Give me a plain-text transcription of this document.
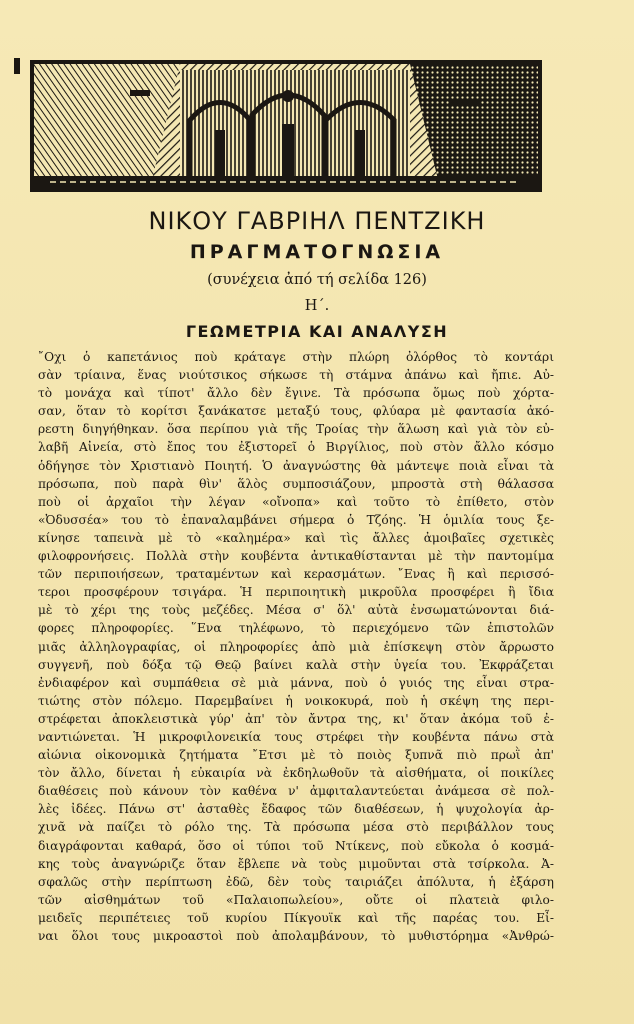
ΝΙΚΟΥ ΓΑΒΡΙΗΛ ΠΕΝΤΖΙΚΗ
ΠΡΑΓΜΑΤΟΓΝΩΣΙΑ
(συνέχεια ἀπό τή σελίδα 126)
Η΄.
ΓΕΩΜΕΤΡΙΑ ΚΑΙ ΑΝΑΛΥΣΗ
῎Οχι ὁ κaπετάνιος ποὺ κράταγε στὴν πλώρη ὀλόρθος τὸ κοντάρι
σὰν τρίαινα, ἕνας νιούτσικος σήκωσε τὴ στάμνα ἀπάνω καὶ ἤπιε. Αὐ-
τὸ μονάχα καὶ τίποτ' ἄλλο δὲν ἔγινε. Τὰ πρόσωπα ὅμως ποὺ χόρτα-
σαν, ὅταν τὸ κορίτσι ξανάκατσε μεταξύ τους, φλύαρα μὲ φαντασία ἀκό-
ρεστη διηγήθηκαν. ὅσα περίπου γιὰ τῆς Τροίας τὴν ἅλωση καὶ γιὰ τὸν εὐ-
λαβῆ Αἰνεία, στὸ ἔπος του ἐξιστορεῖ ὁ Βιργίλιος, ποὺ στὸν ἄλλο κόσμο
ὁδήγησε τὸν Χριστιανὸ Ποιητή. Ὁ ἀναγνώστης θὰ μάντεψε ποιὰ εἶναι τὰ
πρόσωπα, ποὺ παρὰ θὶν' ἅλὸς συμποσιάζουν, μπροστὰ στὴ θάλασσα
ποὺ οἱ ἀρχαῖοι τὴν λέγαν «οἴνοπα» καὶ τοῦτο τὸ ἐπίθετο, στὸν
«Ὀδυσσέα» του τὸ ἐπαναλαμβάνει σήμερα ὁ Τζόης. Ἡ ὁμιλία τους ξε-
κίνησε ταπεινὰ μὲ τὸ «καλημέρα» καὶ τὶς ἄλλες ἀμοιβαῖες σχετικὲς
φιλοφρονήσεις. Πολλὰ στὴν κουβέντα ἀντικαθίστανται μὲ τὴν παντομίμα
τῶν περιποιήσεων, τραταμέντων καὶ κερασμάτων. ῎Ενας ἢ καὶ περισσό-
τεροι προσφέρουν τσιγάρα. Ἡ περιποιητικὴ μικροῦλα προσφέρει ἢ ἴδια
μὲ τὸ χέρι της τοὺς μεζέδες. Μέσα σ' ὅλ' αὐτὰ ἐνσωματώνονται διά-
φορες πληροφορίες. ῞Ενα τηλέφωνο, τὸ περιεχόμενο τῶν ἐπιστολῶν
μιᾶς ἀλληλογραφίας, οἱ πληροφορίες ἀπὸ μιὰ ἐπίσκεψη στὸν ἄρρωστο
συγγενῆ, ποὺ δόξα τῷ Θεῷ βαίνει καλὰ στὴν ὑγεία του. Ἐκφράζεται
ἐνδιαφέρον καὶ συμπάθεια σὲ μιὰ μάννα, ποὺ ὁ γυιός της εἶναι στρα-
τιώτης στὸν πόλεμο. Παρεμβαίνει ἡ νοικοκυρά, ποὺ ἡ σκέψη της περι-
στρέφεται ἀποκλειστικὰ γύρ' ἀπ' τὸν ἄντρα της, κι' ὅταν ἀκόμα τοῦ ἐ-
ναντιώνεται. Ἡ μικροφιλονεικία τους στρέφει τὴν κουβέντα πάνω στὰ
αἰώνια οἰκονομικὰ ζητήματα ῎Ετσι μὲ τὸ ποιὸς ξυπνᾶ πιὸ πρωῒ ἀπ'
τὸν ἄλλο, δίνεται ἡ εὐκαιρία νὰ ἐκδηλωθοῦν τὰ αἰσθήματα, οἱ ποικίλες
διαθέσεις ποὺ κάνουν τὸν καθένα ν' ἀμφιταλαντεύεται ἀνάμεσα σὲ πολ-
λὲς ἰδέες. Πάνω στ' ἀσταθὲς ἔδαφος τῶν διαθέσεων, ἡ ψυχολογία ἀρ-
χινᾶ νὰ παίζει τὸ ρόλο της. Τὰ πρόσωπα μέσα στὸ περιβάλλον τους
διαγράφονται καθαρά, ὅσο οἱ τύποι τοῦ Ντίκενς, ποὺ εὔκολα ὁ κοσμά-
κης τοὺς ἀναγνώριζε ὅταν ἔβλεπε νὰ τοὺς μιμοῦνται στὰ τσίρκολα. Ἀ-
σφαλῶς στὴν περίπτωση ἐδῶ, δὲν τοὺς ταιριάζει ἀπόλυτα, ἡ ἐξάρση
τῶν αἰσθημάτων τοῦ «Παλαιοπωλείου», οὔτε οἱ πλατειὰ φιλο-
μειδεῖς περιπέτειες τοῦ κυρίου Πίκγουϊκ καὶ τῆς παρέας του. Εἶ-
ναι ὅλοι τους μικροαστοὶ ποὺ ἀπολαμβάνουν, τὸ μυθιστόρημα «Ἀνθρώ-
